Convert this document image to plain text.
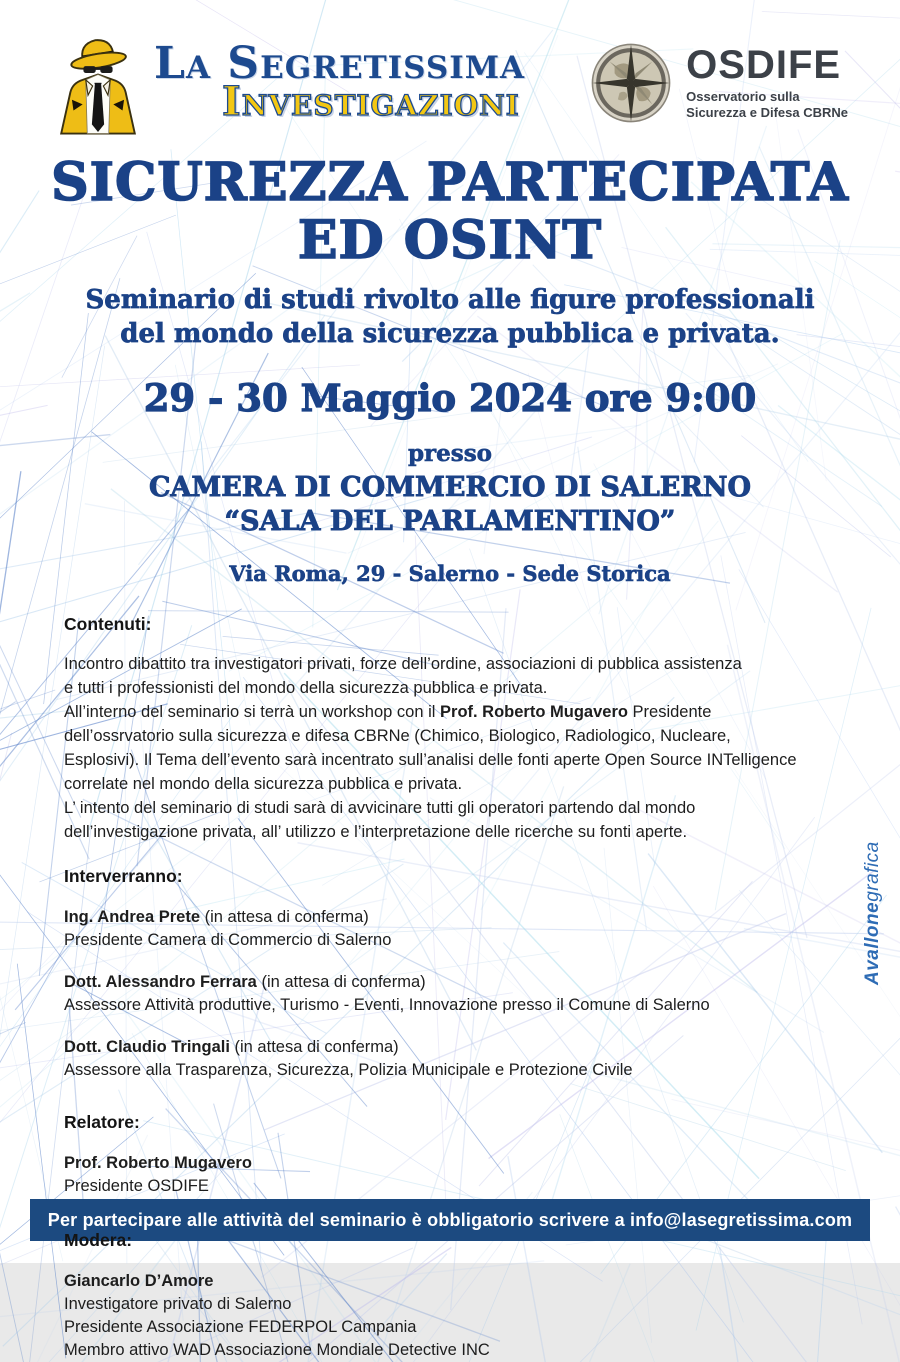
La Segretissima
Investigazioni
OSDIFE
Osservatorio sulla
Sicurezza e Difesa CBRNe
SICUREZZA PARTECIPATA
ED OSINT
Seminario di studi rivolto alle figure professionali
del mondo della sicurezza pubblica e privata.
29 - 30 Maggio 2024 ore 9:00
presso
CAMERA DI COMMERCIO DI SALERNO
“SALA DEL PARLAMENTINO”
Via Roma, 29 - Salerno - Sede Storica
Contenuti:
Incontro dibattito tra investigatori privati, forze dell’ordine, associazioni di pubblica assistenza
e tutti i professionisti del mondo della sicurezza pubblica e privata.
All’interno del seminario si terrà un workshop con il Prof. Roberto Mugavero Presidente
dell’ossrvatorio sulla sicurezza e difesa CBRNe (Chimico, Biologico, Radiologico, Nucleare,
Esplosivi). Il Tema dell’evento sarà incentrato sull’analisi delle fonti aperte Open Source INTelligence
correlate nel mondo della sicurezza pubblica e privata.
L’ intento del seminario di studi sarà di avvicinare tutti gli operatori partendo dal mondo
dell’investigazione privata, all’ utilizzo e l’interpretazione delle ricerche su fonti aperte.
Interverranno:
Ing. Andrea Prete (in attesa di conferma)
Presidente Camera di Commercio di Salerno
Dott. Alessandro Ferrara (in attesa di conferma)
Assessore Attività produttive, Turismo - Eventi, Innovazione presso il Comune di Salerno
Dott. Claudio Tringali (in attesa di conferma)
Assessore alla Trasparenza, Sicurezza, Polizia Municipale e Protezione Civile
Relatore:
Prof. Roberto Mugavero
Presidente OSDIFE
Modera:
Giancarlo D’Amore
Investigatore privato di Salerno
Presidente Associazione FEDERPOL Campania
Membro attivo WAD Associazione Mondiale Detective INC
Avallonegrafica
Per partecipare alle attività del seminario è obbligatorio scrivere a info@lasegretissima.com
